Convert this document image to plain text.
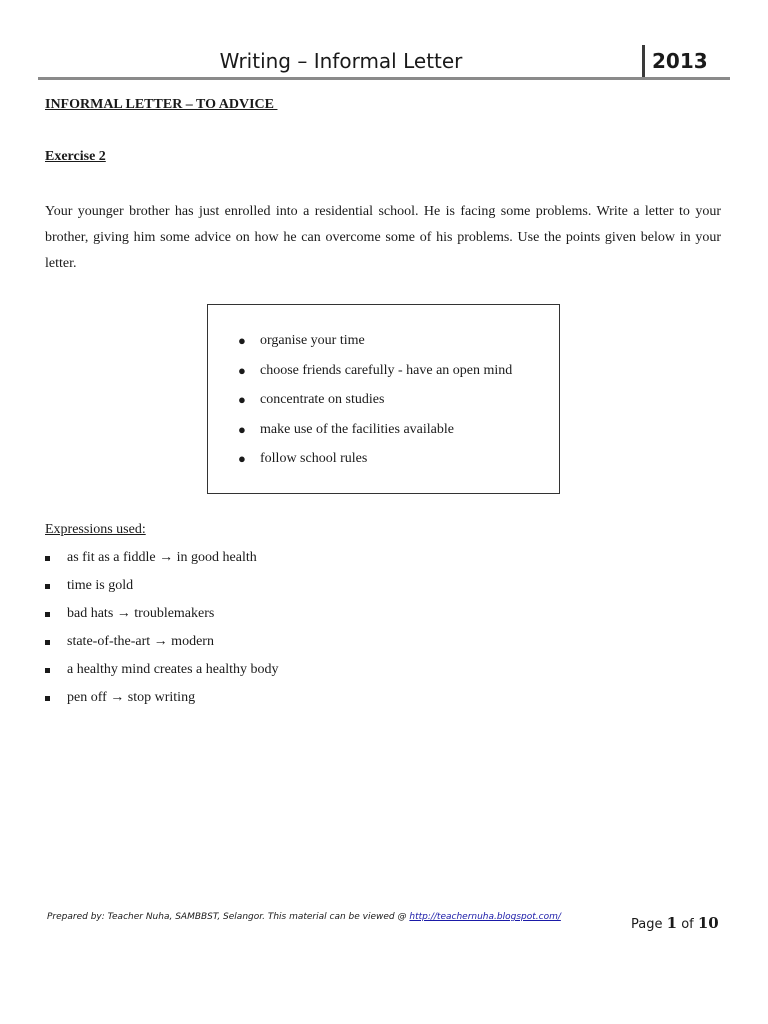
Writing – Informal Letter	2013
INFORMAL LETTER – TO ADVICE
Exercise 2

Your younger brother has just enrolled into a residential school. He is facing some problems. Write a letter to your brother, giving him some advice on how he can overcome some of his problems. Use the points given below in your letter.

●	organise your time
●	choose friends carefully - have an open mind
●	concentrate on studies
●	make use of the facilities available
●	follow school rules
Expressions used:
as fit as a fiddle → in good health
time is gold
bad hats → troublemakers
state-of-the-art → modern
a healthy mind creates a healthy body
pen off → stop writing
Prepared by: Teacher Nuha, SAMBBST, Selangor. This material can be viewed @ http://teachernuha.blogspot.com/	Page 1 of 10
